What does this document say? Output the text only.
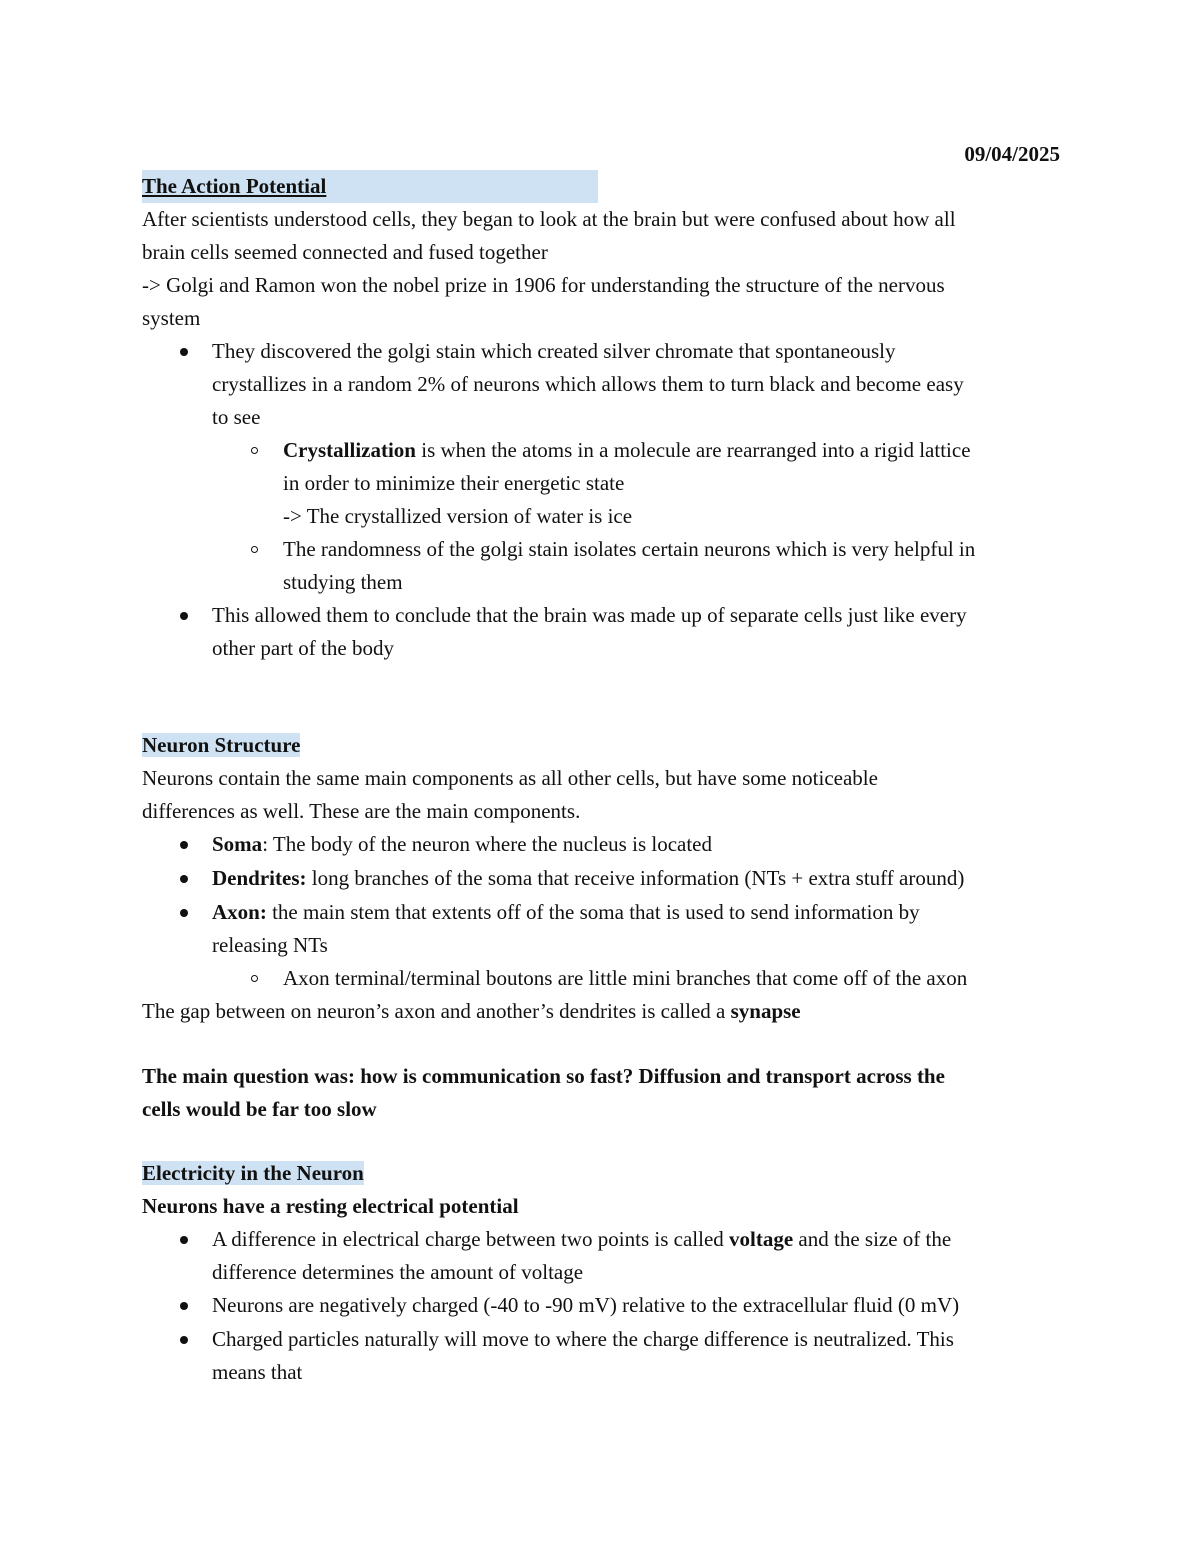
09/04/2025
The Action Potential
After scientists understood cells, they began to look at the brain but were confused about how all
brain cells seemed connected and fused together
-> Golgi and Ramon won the nobel prize in 1906 for understanding the structure of the nervous
system
They discovered the golgi stain which created silver chromate that spontaneously
crystallizes in a random 2% of neurons which allows them to turn black and become easy
to see
Crystallization is when the atoms in a molecule are rearranged into a rigid lattice
in order to minimize their energetic state
-> The crystallized version of water is ice
The randomness of the golgi stain isolates certain neurons which is very helpful in
studying them
This allowed them to conclude that the brain was made up of separate cells just like every
other part of the body
Neuron Structure
Neurons contain the same main components as all other cells, but have some noticeable
differences as well. These are the main components.
Soma: The body of the neuron where the nucleus is located
Dendrites: long branches of the soma that receive information (NTs + extra stuff around)
Axon: the main stem that extents off of the soma that is used to send information by
releasing NTs
Axon terminal/terminal boutons are little mini branches that come off of the axon
The gap between on neuron’s axon and another’s dendrites is called a synapse
The main question was: how is communication so fast? Diffusion and transport across the
cells would be far too slow
Electricity in the Neuron
Neurons have a resting electrical potential
A difference in electrical charge between two points is called voltage and the size of the
difference determines the amount of voltage
Neurons are negatively charged (-40 to -90 mV) relative to the extracellular fluid (0 mV)
Charged particles naturally will move to where the charge difference is neutralized. This
means that
